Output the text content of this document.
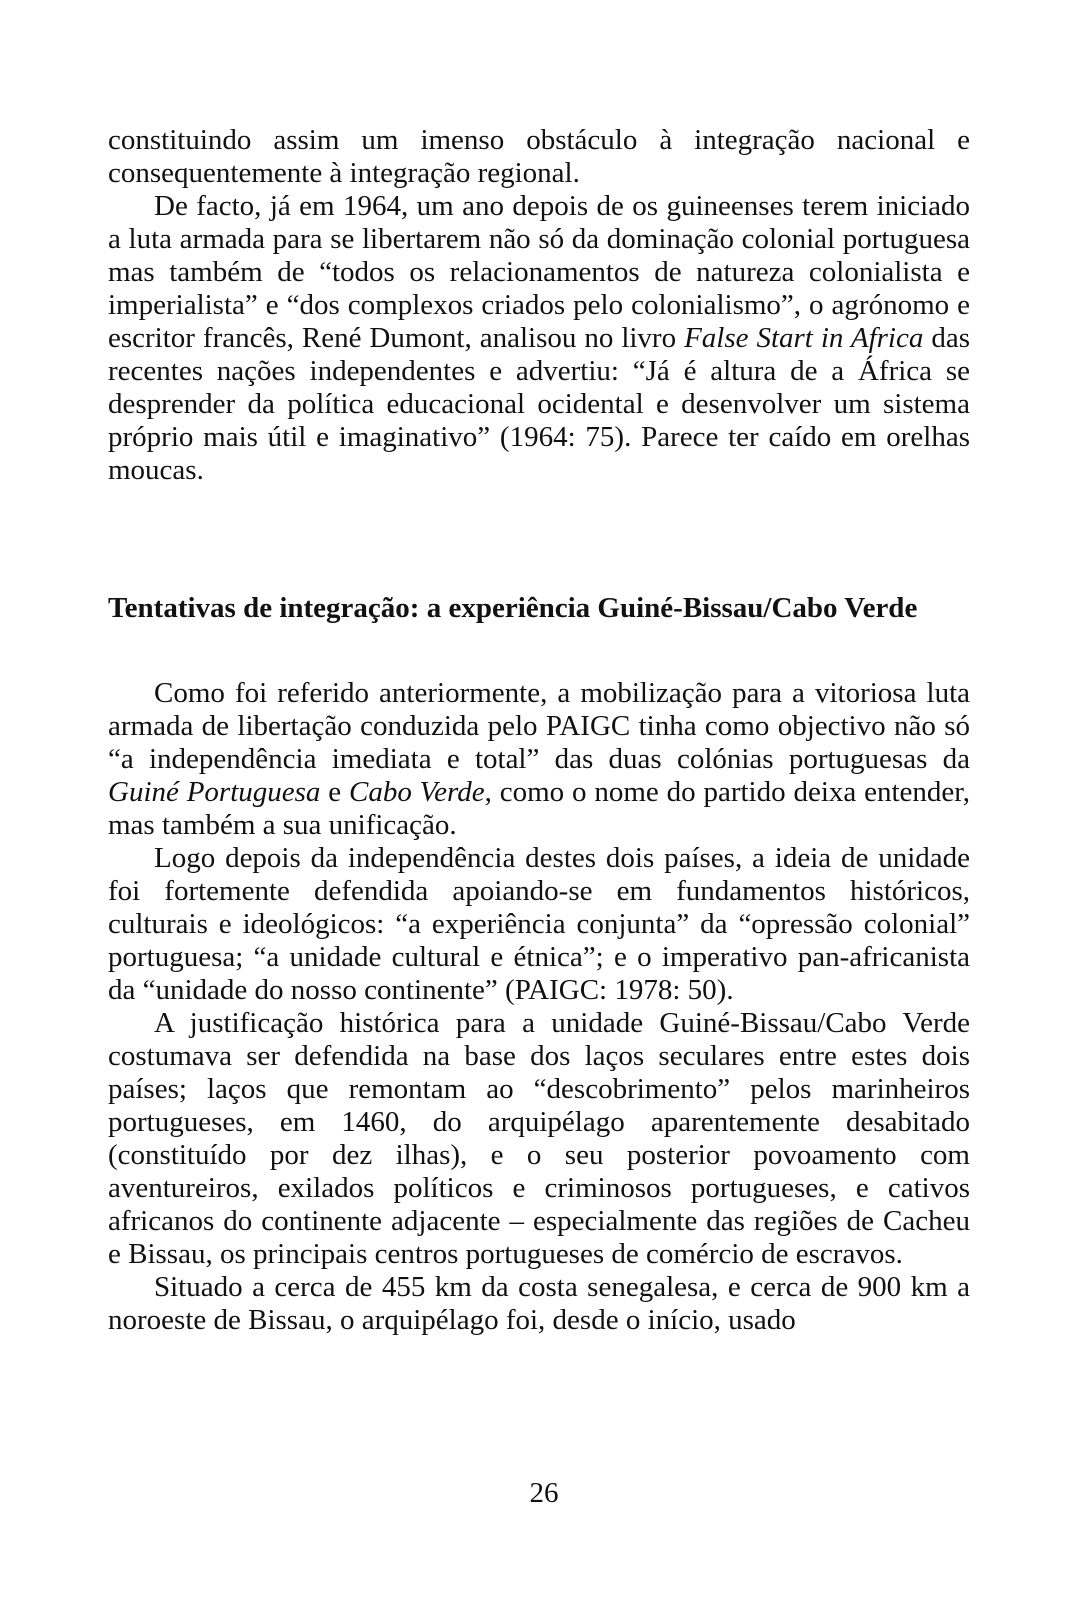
constituindo assim um imenso obstáculo à integração nacional e consequentemente à integração regional.

De facto, já em 1964, um ano depois de os guineenses terem iniciado a luta armada para se libertarem não só da dominação colonial portuguesa mas também de “todos os relacionamentos de natureza colonialista e imperialista” e “dos complexos criados pelo colonialismo”, o agrónomo e escritor francês, René Dumont, analisou no livro False Start in Africa das recentes nações independentes e advertiu: “Já é altura de a África se desprender da política educacional ocidental e desenvolver um sistema próprio mais útil e imaginativo” (1964: 75). Parece ter caído em orelhas moucas.

Tentativas de integração: a experiência Guiné-Bissau/Cabo Verde

Como foi referido anteriormente, a mobilização para a vitoriosa luta armada de libertação conduzida pelo PAIGC tinha como objectivo não só “a independência imediata e total” das duas colónias portuguesas da Guiné Portuguesa e Cabo Verde, como o nome do partido deixa entender, mas também a sua unificação.

Logo depois da independência destes dois países, a ideia de unidade foi fortemente defendida apoiando-se em fundamentos históricos, culturais e ideológicos: “a experiência conjunta” da “opressão colonial” portuguesa; “a unidade cultural e étnica”; e o imperativo pan-africanista da “unidade do nosso continente” (PAIGC: 1978: 50).

A justificação histórica para a unidade Guiné-Bissau/Cabo Verde costumava ser defendida na base dos laços seculares entre estes dois países; laços que remontam ao “descobrimento” pelos marinheiros portugueses, em 1460, do arquipélago aparentemente desabitado (constituído por dez ilhas), e o seu posterior povoamento com aventureiros, exilados políticos e criminosos portugueses, e cativos africanos do continente adjacente – especialmente das regiões de Cacheu e Bissau, os principais centros portugueses de comércio de escravos.

Situado a cerca de 455 km da costa senegalesa, e cerca de 900 km a noroeste de Bissau, o arquipélago foi, desde o início, usado

26
